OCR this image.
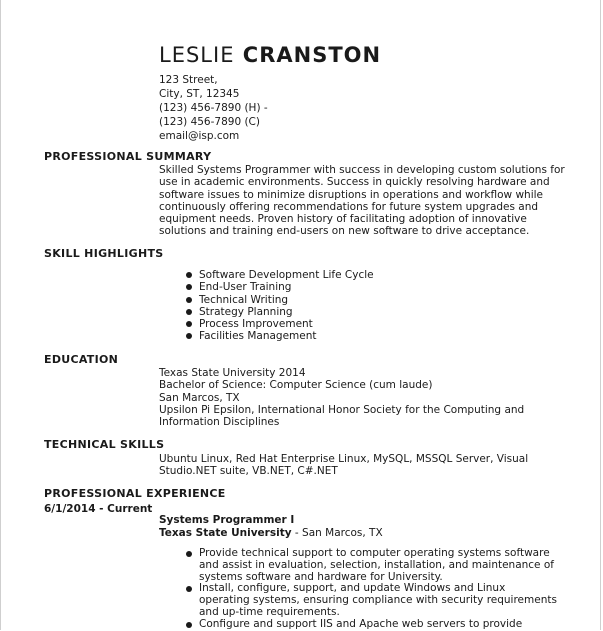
LESLIE CRANSTON
123 Street,
City, ST, 12345
(123) 456-7890 (H) -
(123) 456-7890 (C)
email@isp.com
PROFESSIONAL SUMMARY
Skilled Systems Programmer with success in developing custom solutions for
use in academic environments. Success in quickly resolving hardware and
software issues to minimize disruptions in operations and workflow while
continuously offering recommendations for future system upgrades and
equipment needs. Proven history of facilitating adoption of innovative
solutions and training end-users on new software to drive acceptance.
SKILL HIGHLIGHTS
Software Development Life Cycle
End-User Training
Technical Writing
Strategy Planning
Process Improvement
Facilities Management
EDUCATION
Texas State University 2014
Bachelor of Science: Computer Science (cum laude)
San Marcos, TX
Upsilon Pi Epsilon, International Honor Society for the Computing and
Information Disciplines
TECHNICAL SKILLS
Ubuntu Linux, Red Hat Enterprise Linux, MySQL, MSSQL Server, Visual
Studio.NET suite, VB.NET, C#.NET
PROFESSIONAL EXPERIENCE

6/1/2014 - Current

Systems Programmer I

Texas State University - San Marcos, TX

Provide technical support to computer operating systems software
and assist in evaluation, selection, installation, and maintenance of
systems software and hardware for University.
Install, configure, support, and update Windows and Linux
operating systems, ensuring compliance with security requirements
and up-time requirements.
Configure and support IIS and Apache web servers to provide
